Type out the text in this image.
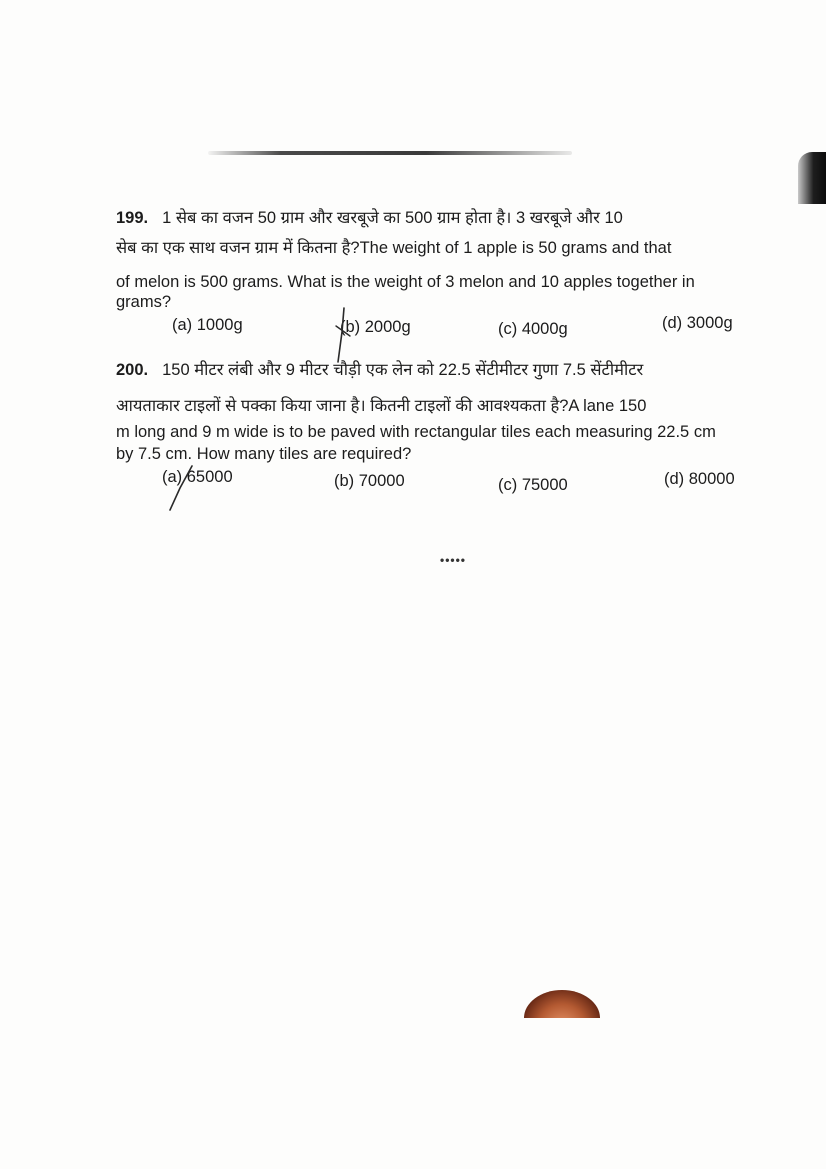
199. 1 सेब का वजन 50 ग्राम और खरबूजे का 500 ग्राम होता है। 3 खरबूजे और 10
सेब का एक साथ वजन ग्राम में कितना है?The weight of 1 apple is 50 grams and that
of melon is 500 grams. What is the weight of 3 melon and 10 apples together in
grams?
(a) 1000g	(b) 2000g	(c) 4000g	(d) 3000g
200. 150 मीटर लंबी और 9 मीटर चौड़ी एक लेन को 22.5 सेंटीमीटर गुणा 7.5 सेंटीमीटर
आयताकार टाइलों से पक्का किया जाना है। कितनी टाइलों की आवश्यकता है?A lane 150
m long and 9 m wide is to be paved with rectangular tiles each measuring 22.5 cm
by 7.5 cm. How many tiles are required?
(a) 65000	(b) 70000	(c) 75000	(d) 80000
•••••
